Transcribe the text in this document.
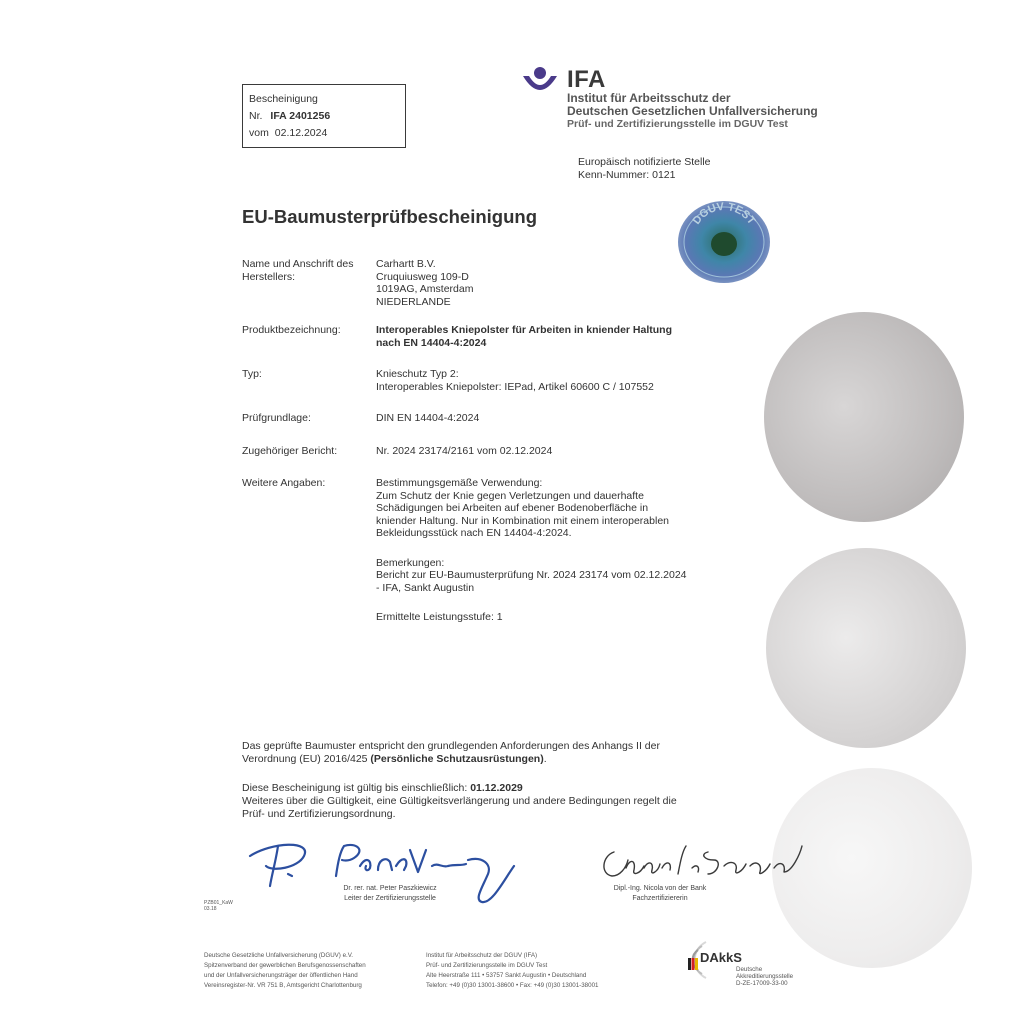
Bescheinigung
Nr. IFA 2401256
vom 02.12.2024
IFA
Institut für Arbeitsschutz der
Deutschen Gesetzlichen Unfallversicherung
Prüf- und Zertifizierungsstelle im DGUV Test
Europäisch notifizierte Stelle
Kenn-Nummer: 0121
EU-Baumusterprüfbescheinigung	DGUV TEST
Name und Anschrift des
Herstellers:
Carhartt B.V.
Cruquiusweg 109-D
1019AG, Amsterdam
NIEDERLANDE
Produktbezeichnung:	Interoperables Kniepolster für Arbeiten in kniender Haltung
nach EN 14404-4:2024
Typ:	Knieschutz Typ 2:
Interoperables Kniepolster: IEPad, Artikel 60600 C / 107552
Prüfgrundlage:	DIN EN 14404-4:2024
Zugehöriger Bericht:	Nr. 2024 23174/2161 vom 02.12.2024
Weitere Angaben:	Bestimmungsgemäße Verwendung:
Zum Schutz der Knie gegen Verletzungen und dauerhafte
Schädigungen bei Arbeiten auf ebener Bodenoberfläche in
kniender Haltung. Nur in Kombination mit einem interoperablen
Bekleidungsstück nach EN 14404-4:2024.
Bemerkungen:
Bericht zur EU-Baumusterprüfung Nr. 2024 23174 vom 02.12.2024
- IFA, Sankt Augustin
Ermittelte Leistungsstufe: 1
Das geprüfte Baumuster entspricht den grundlegenden Anforderungen des Anhangs II der
Verordnung (EU) 2016/425 (Persönliche Schutzausrüstungen).
Diese Bescheinigung ist gültig bis einschließlich: 01.12.2029
Weiteres über die Gültigkeit, eine Gültigkeitsverlängerung und andere Bedingungen regelt die
Prüf- und Zertifizierungsordnung.
Dr. rer. nat. Peter Paszkiewicz
Leiter der Zertifizierungsstelle
Dipl.-Ing. Nicola von der Bank
Fachzertifiziererin
PZB01_KaW
03.18
Deutsche Gesetzliche Unfallversicherung (DGUV) e.V.
Spitzenverband der gewerblichen Berufsgenossenschaften
und der Unfallversicherungsträger der öffentlichen Hand
Vereinsregister-Nr. VR 751 B, Amtsgericht Charlottenburg
Institut für Arbeitsschutz der DGUV (IFA)
Prüf- und Zertifizierungsstelle im DGUV Test
Alte Heerstraße 111 • 53757 Sankt Augustin • Deutschland
Telefon: +49 (0)30 13001-38600 • Fax: +49 (0)30 13001-38001
DAkkS
Deutsche
Akkreditierungsstelle
D-ZE-17009-33-00
